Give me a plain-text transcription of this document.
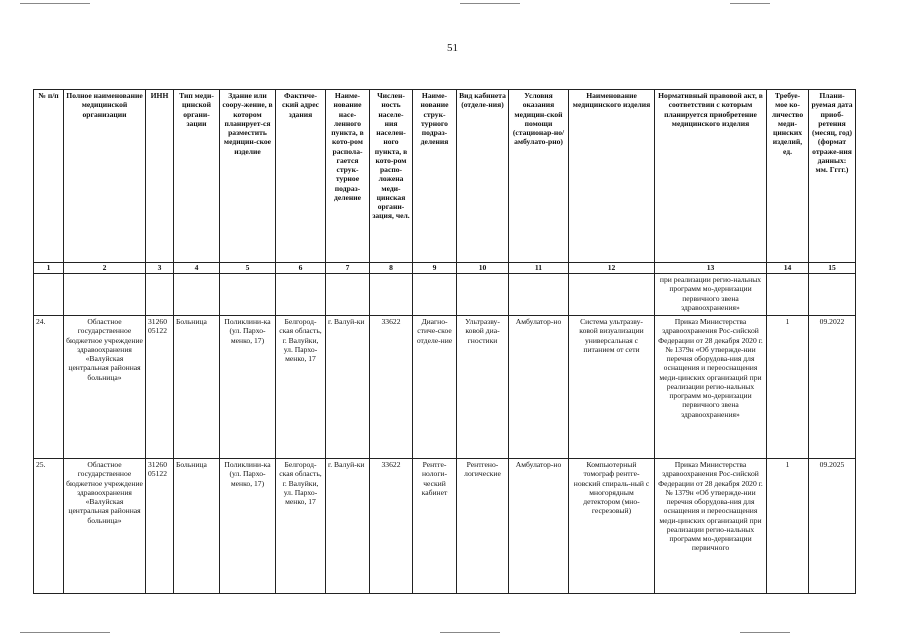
51
№ п/п	Полное наименование медицинской организации	ИНН	Тип меди-цинской органи-зации	Здание или соору-жение, в котором планирует-ся разместить медицин-ское изделие	Фактиче-ский адрес здания	Наиме-нование насе-ленного пункта, в кото-ром распола-гается струк-турное подраз-деление	Числен-ность населе-ния населен-ного пункта, в кото-ром распо-ложена меди-цинская органи-зация, чел.	Наиме-нование струк-турного подраз-деления	Вид кабинета (отделе-ния)	Условия оказания медицин-ской помощи (стационар-но/амбулато-рно)	Наименование медицинского изделия	Нормативный правовой акт, в соответствии с которым планируется приобретение медицинского изделия	Требуе-мое ко-личество меди-цинских изделий, ед.	Плани-руемая дата приоб-ретения (месяц, год) (формат отраже-ния данных: мм. Гггг.)
1	2	3	4	5	6	7	8	9	10	11	12	13	14	15
												при реализации регио-нальных программ мо-дернизации первичного звена здравоохранения»		
24.	Областное государственное бюджетное учреждение здравоохранения «Валуйская центральная районная больница»	31260 05122	Больница	Поликлини-ка (ул. Пархо-менко, 17)	Белгород-ская область, г. Валуйки, ул. Пархо-менко, 17	г. Валуй-ки	33622	Диагно-стиче-ское отделе-ние	Ультразву-ковой диа-гностики	Амбулатор-но	Система ультразву-ковой визуализации универсальная с питанием от сети	Приказ Министерства здравоохранения Рос-сийской Федерации от 28 декабря 2020 г. № 1379н «Об утвержде-нии перечня оборудова-ния для оснащения и переоснащения меди-цинских организаций при реализации регио-нальных программ мо-дернизации первичного звена здравоохранения»	1	09.2022
25.	Областное государственное бюджетное учреждение здравоохранения «Валуйская центральная районная больница»	31260 05122	Больница	Поликлини-ка (ул. Пархо-менко, 17)	Белгород-ская область, г. Валуйки, ул. Пархо-менко, 17	г. Валуй-ки	33622	Рентге-нологи-ческий кабинет	Рентгено-логические	Амбулатор-но	Компьютерный томограф рентге-новский спираль-ный с многорядным детектором (мно-гесрезовый)	Приказ Министерства здравоохранения Рос-сийской Федерации от 28 декабря 2020 г. № 1379н «Об утвержде-нии перечня оборудова-ния для оснащения и переоснащения меди-цинских организаций при реализации регио-нальных программ мо-дернизации первичного	1	09.2025
